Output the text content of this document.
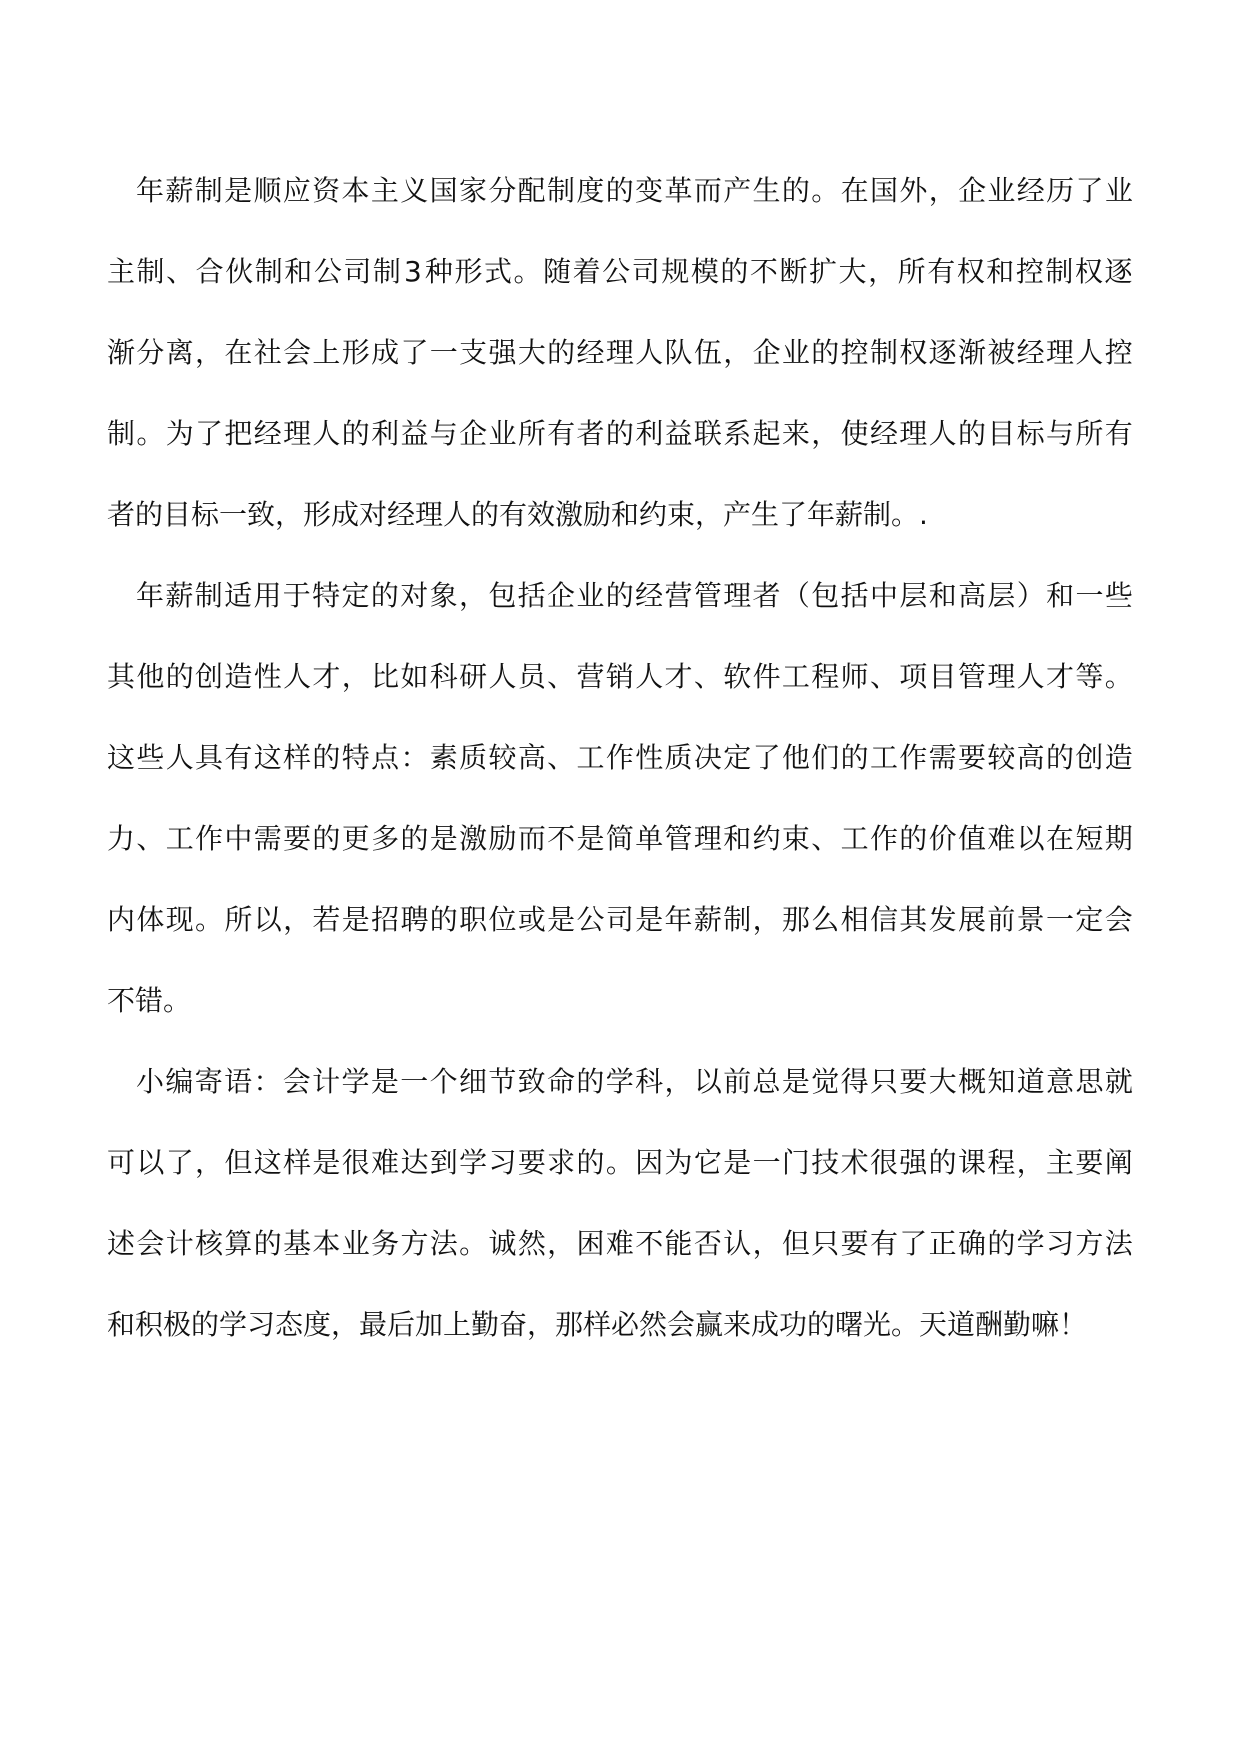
年 薪 制 是 顺 应 资 本 主 义 国 家 分 配 制 度 的 变 革 而 产 生 的 。 在 国 外 ， 企 业 经 历 了 业
主 制 、 合 伙 制 和 公 司 制 3 种 形 式 。 随 着 公 司 规 模 的 不 断 扩 大 ， 所 有 权 和 控 制 权 逐
渐 分 离 ， 在 社 会 上 形 成 了 一 支 强 大 的 经 理 人 队 伍 ， 企 业 的 控 制 权 逐 渐 被 经 理 人 控
制 。 为 了 把 经 理 人 的 利 益 与 企 业 所 有 者 的 利 益 联 系 起 来 ， 使 经 理 人 的 目 标 与 所 有
者的目标一致，形成对经理人的有效激励和约束，产生了年薪制。.
年 薪 制 适 用 于 特 定 的 对 象 ， 包 括 企 业 的 经 营 管 理 者 （ 包 括 中 层 和 高 层 ） 和 一 些
其 他 的 创 造 性 人 才 ， 比 如 科 研 人 员 、 营 销 人 才 、 软 件 工 程 师 、 项 目 管 理 人 才 等 。
这 些 人 具 有 这 样 的 特 点 ： 素 质 较 高 、 工 作 性 质 决 定 了 他 们 的 工 作 需 要 较 高 的 创 造
力 、 工 作 中 需 要 的 更 多 的 是 激 励 而 不 是 简 单 管 理 和 约 束 、 工 作 的 价 值 难 以 在 短 期
内 体 现 。 所 以 ， 若 是 招 聘 的 职 位 或 是 公 司 是 年 薪 制 ， 那 么 相 信 其 发 展 前 景 一 定 会
不错。
小 编 寄 语 ： 会 计 学 是 一 个 细 节 致 命 的 学 科 ， 以 前 总 是 觉 得 只 要 大 概 知 道 意 思 就
可 以 了 ， 但 这 样 是 很 难 达 到 学 习 要 求 的 。 因 为 它 是 一 门 技 术 很 强 的 课 程 ， 主 要 阐
述 会 计 核 算 的 基 本 业 务 方 法 。 诚 然 ， 困 难 不 能 否 认 ， 但 只 要 有 了 正 确 的 学 习 方 法
和积极的学习态度，最后加上勤奋，那样必然会赢来成功的曙光。天道酬勤嘛！
